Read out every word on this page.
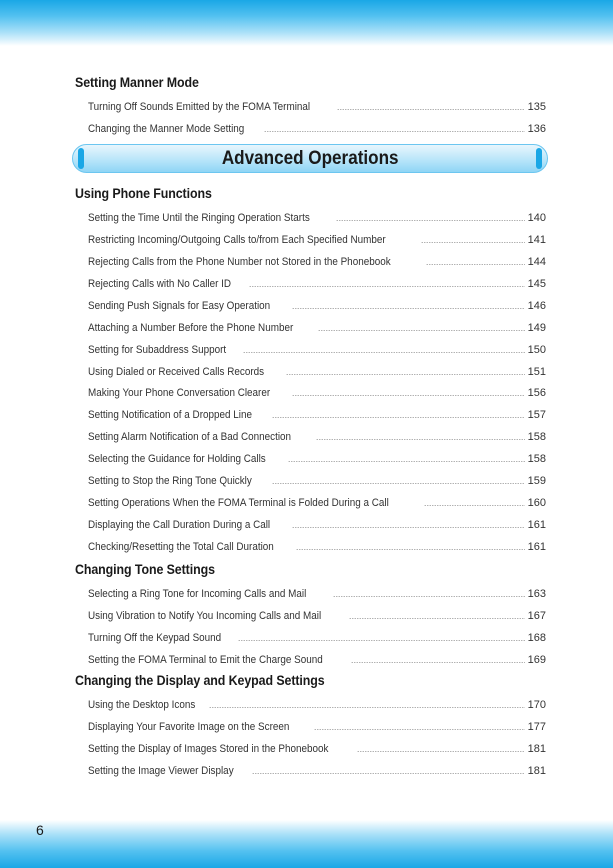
Advanced Operations
Setting Manner Mode
Turning Off Sounds Emitted by the FOMA Terminal	135
Changing the Manner Mode Setting	136
Using Phone Functions
Setting the Time Until the Ringing Operation Starts	140
Restricting Incoming/Outgoing Calls to/from Each Specified Number	141
Rejecting Calls from the Phone Number not Stored in the Phonebook	144
Rejecting Calls with No Caller ID	145
Sending Push Signals for Easy Operation	146
Attaching a Number Before the Phone Number	149
Setting for Subaddress Support	150
Using Dialed or Received Calls Records	151
Making Your Phone Conversation Clearer	156
Setting Notification of a Dropped Line	157
Setting Alarm Notification of a Bad Connection	158
Selecting the Guidance for Holding Calls	158
Setting to Stop the Ring Tone Quickly	159
Setting Operations When the FOMA Terminal is Folded During a Call	160
Displaying the Call Duration During a Call	161
Checking/Resetting the Total Call Duration	161
Changing Tone Settings
Selecting a Ring Tone for Incoming Calls and Mail	163
Using Vibration to Notify You Incoming Calls and Mail	167
Turning Off the Keypad Sound	168
Setting the FOMA Terminal to Emit the Charge Sound	169
Changing the Display and Keypad Settings
Using the Desktop Icons	170
Displaying Your Favorite Image on the Screen	177
Setting the Display of Images Stored in the Phonebook	181
Setting the Image Viewer Display	181
6
